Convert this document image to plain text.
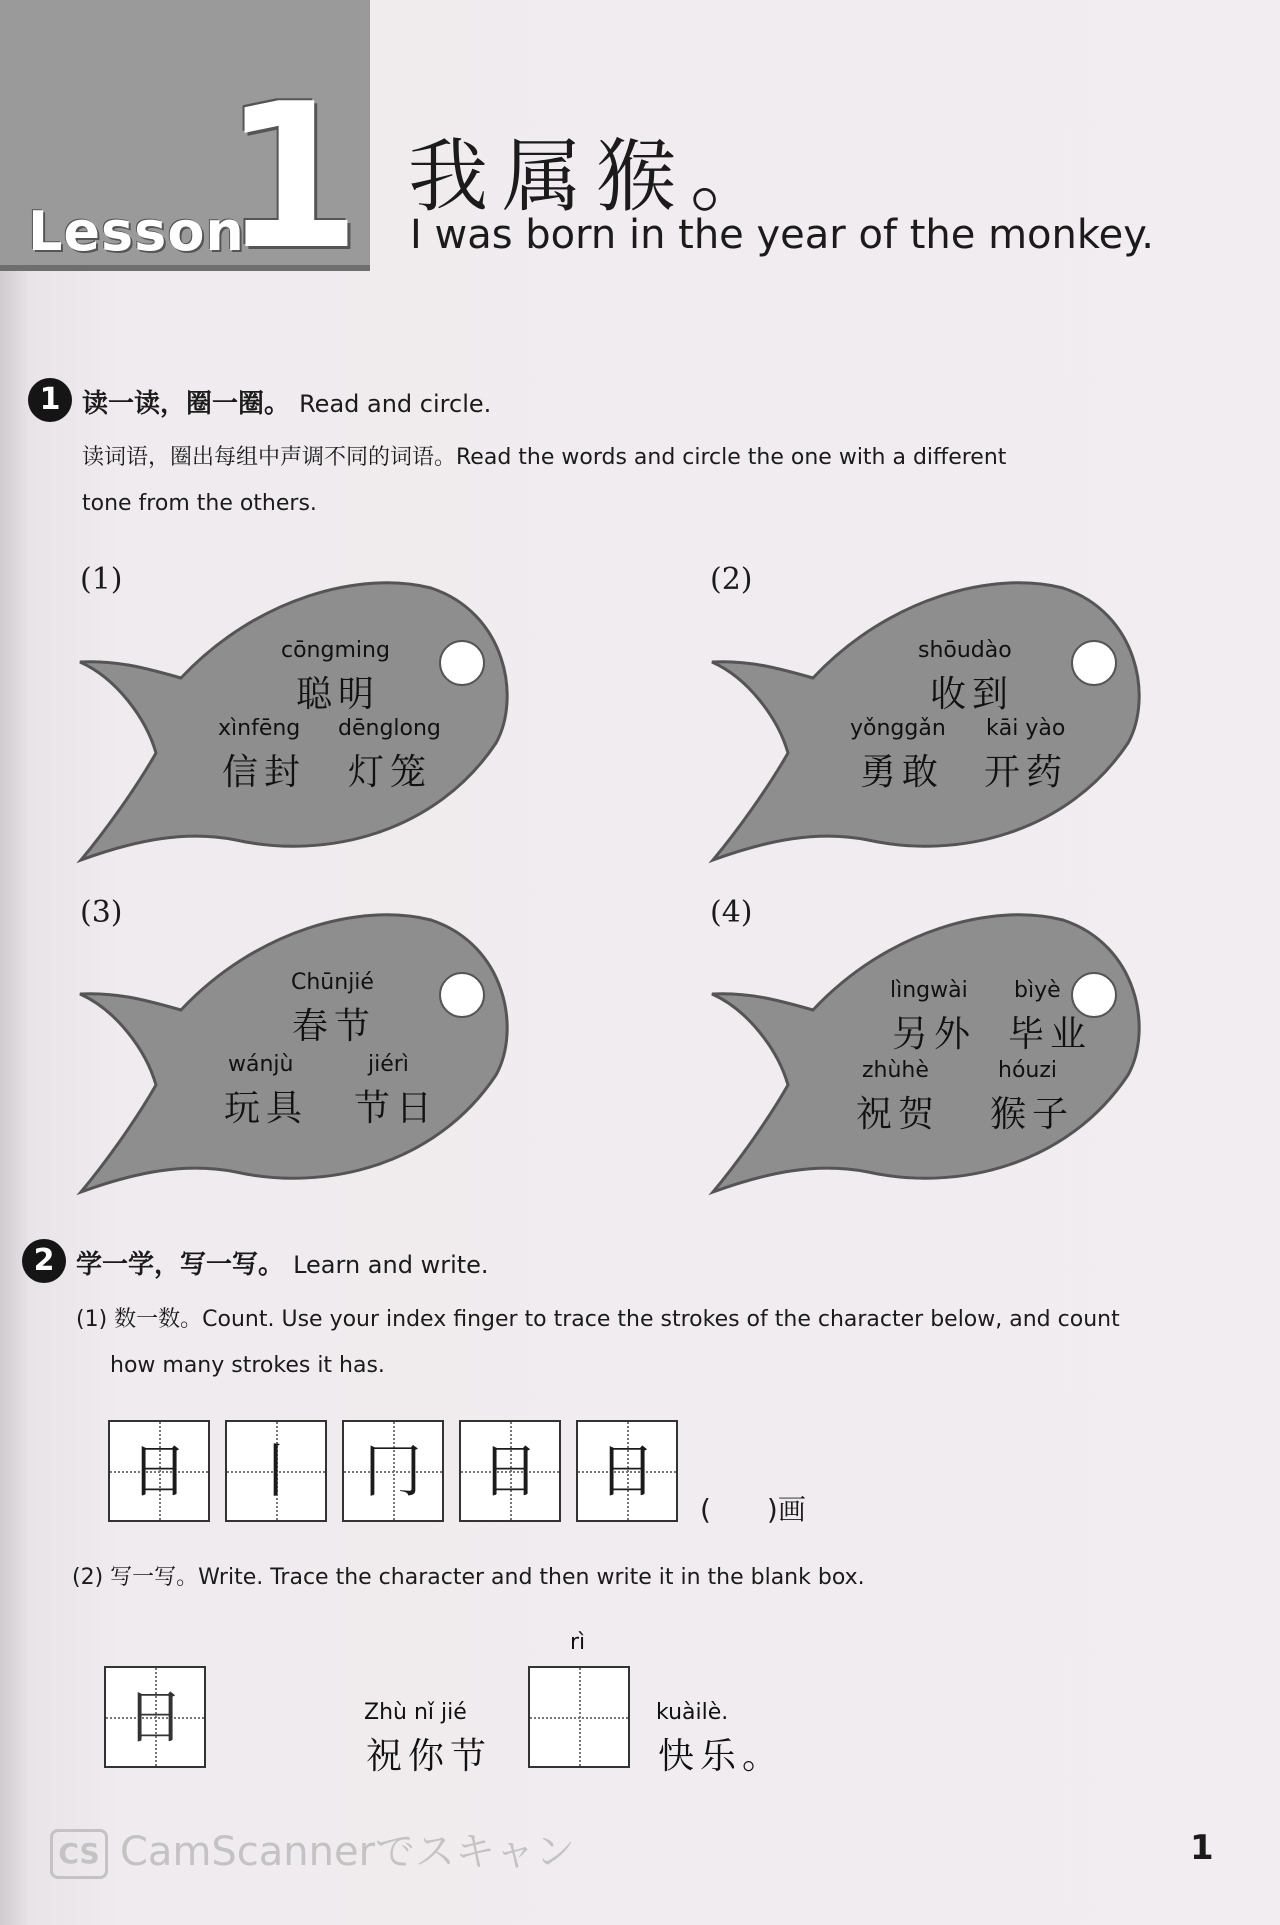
Lesson
1 我属猴。
I was born in the year of the monkey.
1 读一读，圈一圈。 Read and circle.
读词语，圈出每组中声调不同的词语。Read the words and circle the one with a different
tone from the others.
(1)
cōngming
聪明
xìnfēng
信封
dēnglong
灯笼
(2)
shōudào
收到
yǒnggǎn
勇敢
kāi yào
开药
(3)
Chūnjié
春节
wánjù
玩具
jiérì
节日
(4)
lìngwài bìyè
另外 毕业
zhùhè	hóuzi
祝贺 猴子
2 学一学，写一写。 Learn and write.
(1) 数一数。Count. Use your index finger to trace the strokes of the character below, and count
how many strokes it has.
日	丨	冂	日	日
(　　)画
(2) 写一写。Write. Trace the character and then write it in the blank box.
日	Zhù nǐ jié
祝你节
rì
kuàilè.
快乐。
CS CamScannerでスキャン	1
